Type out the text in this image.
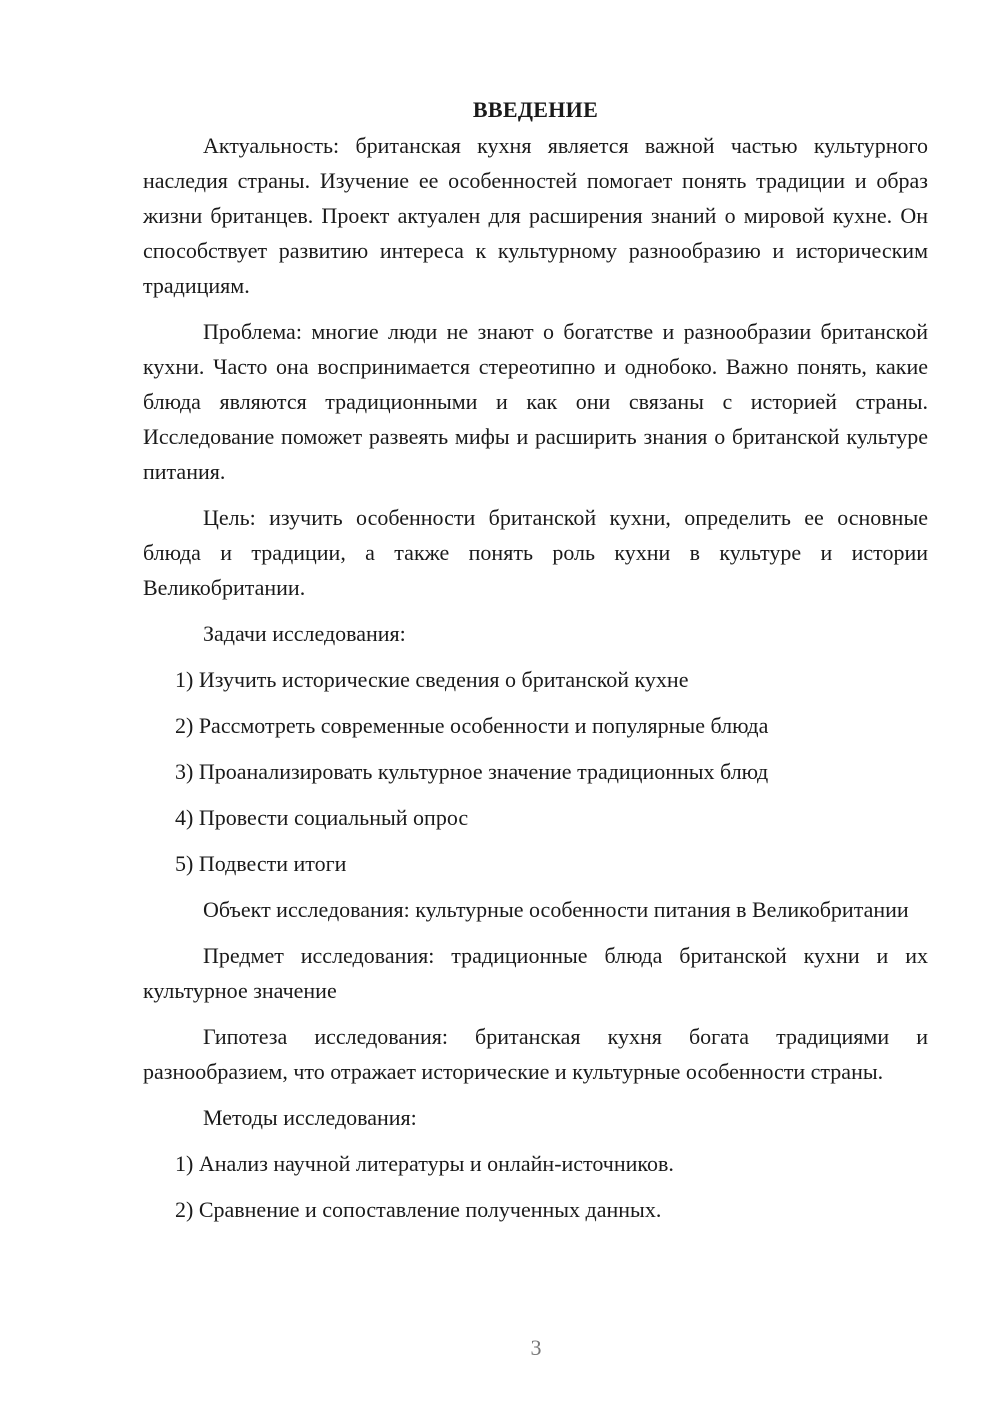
ВВЕДЕНИЕ

Актуальность: британская кухня является важной частью культурного наследия страны. Изучение ее особенностей помогает понять традиции и образ жизни британцев. Проект актуален для расширения знаний о мировой кухне. Он способствует развитию интереса к культурному разнообразию и историческим традициям.

Проблема: многие люди не знают о богатстве и разнообразии британской кухни. Часто она воспринимается стереотипно и однобоко. Важно понять, какие блюда являются традиционными и как они связаны с историей страны. Исследование поможет развеять мифы и расширить знания о британской культуре питания.

Цель: изучить особенности британской кухни, определить ее основные блюда и традиции, а также понять роль кухни в культуре и истории Великобритании.

Задачи исследования:

1) Изучить исторические сведения о британской кухне
2) Рассмотреть современные особенности и популярные блюда
3) Проанализировать культурное значение традиционных блюд
4) Провести социальный опрос
5) Подвести итоги

Объект исследования: культурные особенности питания в Великобритании

Предмет исследования: традиционные блюда британской кухни и их культурное значение

Гипотеза исследования: британская кухня богата традициями и разнообразием, что отражает исторические и культурные особенности страны.

Методы исследования:

1) Анализ научной литературы и онлайн-источников.
2) Сравнение и сопоставление полученных данных.
3
